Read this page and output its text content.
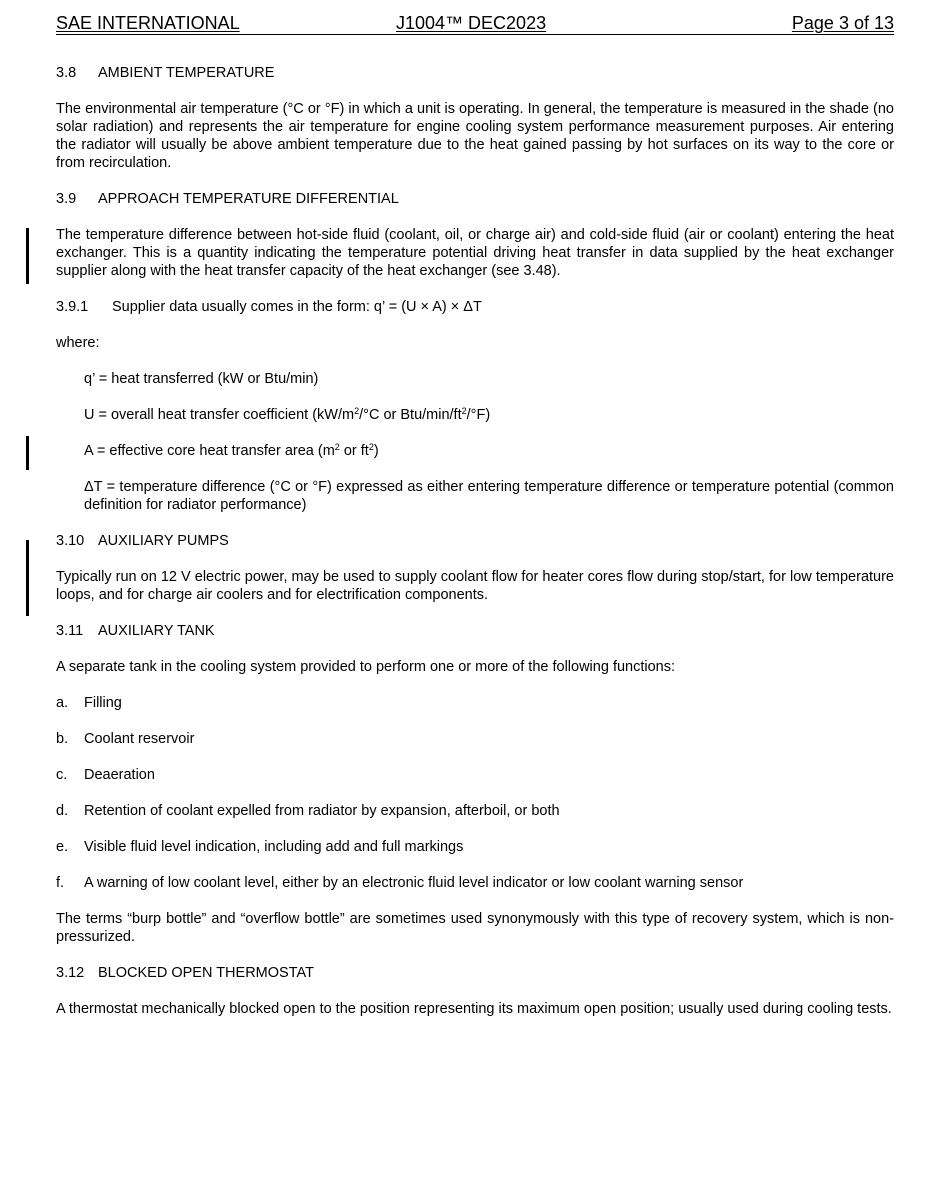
SAE INTERNATIONAL	J1004™ DEC2023	Page 3 of 13
3.8 AMBIENT TEMPERATURE
The environmental air temperature (°C or °F) in which a unit is operating. In general, the temperature is measured in the shade (no solar radiation) and represents the air temperature for engine cooling system performance measurement purposes. Air entering the radiator will usually be above ambient temperature due to the heat gained passing by hot surfaces on its way to the core or from recirculation.
3.9 APPROACH TEMPERATURE DIFFERENTIAL
The temperature difference between hot-side fluid (coolant, oil, or charge air) and cold-side fluid (air or coolant) entering the heat exchanger. This is a quantity indicating the temperature potential driving heat transfer in data supplied by the heat exchanger supplier along with the heat transfer capacity of the heat exchanger (see 3.48).
3.9.1 Supplier data usually comes in the form: q’ = (U × A) × ΔT
where:
q’ = heat transferred (kW or Btu/min)
U = overall heat transfer coefficient ($kW/m^2/^\circ C$ or Btu/$\min/ft^2/^\circ F$)
A = effective core heat transfer area ($m^2$ or $ft^2$)
ΔT = temperature difference (°C or °F) expressed as either entering temperature difference or temperature potential (common definition for radiator performance)
3.10 AUXILIARY PUMPS
Typically run on 12 V electric power, may be used to supply coolant flow for heater cores flow during stop/start, for low temperature loops, and for charge air coolers and for electrification components.
3.11 AUXILIARY TANK
A separate tank in the cooling system provided to perform one or more of the following functions:
a. Filling
b. Coolant reservoir
c. Deaeration
d. Retention of coolant expelled from radiator by expansion, afterboil, or both
e. Visible fluid level indication, including add and full markings
f. A warning of low coolant level, either by an electronic fluid level indicator or low coolant warning sensor
The terms “burp bottle” and “overflow bottle” are sometimes used synonymously with this type of recovery system, which is non-pressurized.
3.12 BLOCKED OPEN THERMOSTAT
A thermostat mechanically blocked open to the position representing its maximum open position; usually used during cooling tests.
